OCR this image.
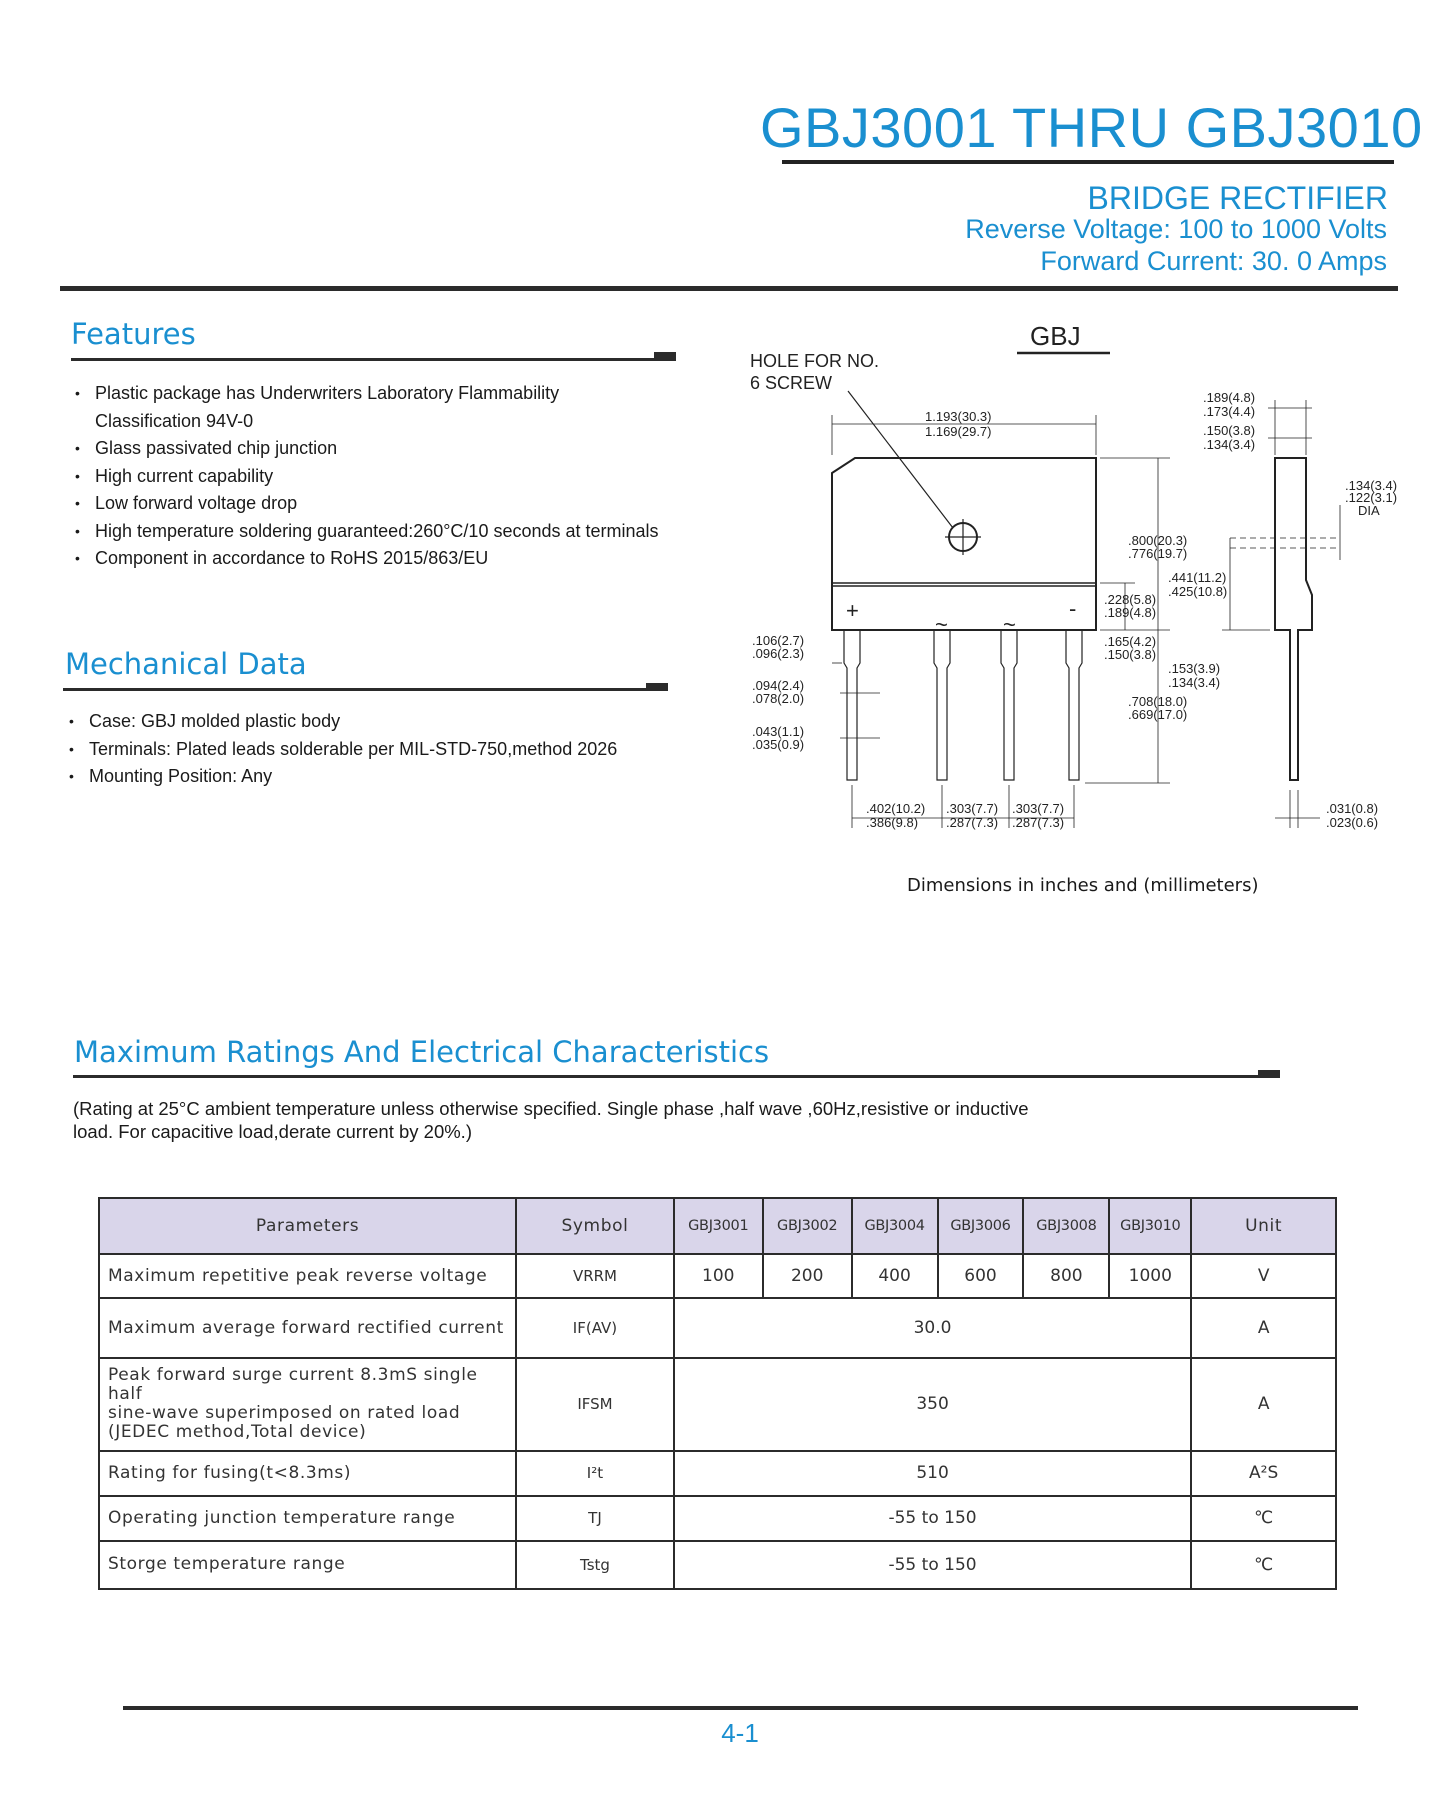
GBJ3001 THRU GBJ3010
BRIDGE RECTIFIER
Reverse Voltage: 100 to 1000 Volts
Forward Current: 30. 0 Amps
Features
• Plastic package has Underwriters Laboratory Flammability
Classification 94V-0
• Glass passivated chip junction
• High current capability
• Low forward voltage drop
• High temperature soldering guaranteed:260°C/10 seconds at terminals
• Component in accordance to RoHS 2015/863/EU
Mechanical Data
• Case: GBJ molded plastic body
• Terminals: Plated leads solderable per MIL-STD-750,method 2026
• Mounting Position: Any
GBJ
HOLE FOR NO.
6 SCREW
1.193(30.3)
1.169(29.7)
.800(20.3)
.776(19.7)
.228(5.8)
.189(4.8)
.165(4.2)
.150(3.8)
.708(18.0)
.669(17.0)
.106(2.7)
.096(2.3)
.094(2.4)
.078(2.0)
.043(1.1)
.035(0.9)
.402(10.2)
.386(9.8)
.303(7.7)
.287(7.3)
.303(7.7)
.287(7.3)
.189(4.8)
.173(4.4)
.150(3.8)
.134(3.4)
.134(3.4)
.122(3.1)
DIA
.441(11.2)
.425(10.8)
.153(3.9)
.134(3.4)
.031(0.8)
.023(0.6)
+
~	~
-
Dimensions in inches and (millimeters)
Maximum Ratings And Electrical Characteristics
(Rating at 25°C ambient temperature unless otherwise specified. Single phase ,half wave ,60Hz,resistive or inductive
load. For capacitive load,derate current by 20%.)
Parameters	Symbol	GBJ3001	GBJ3002	GBJ3004	GBJ3006	GBJ3008	GBJ3010	Unit
Maximum repetitive peak reverse voltage	VRRM	100	200	400	600	800	1000	V
Maximum average forward rectified current	IF(AV)	30.0						A

Peak forward surge current 8.3mS single half
sine-wave superimposed on rated load
(JEDEC method,Total device)	IFSM	350						A
Rating for fusing(t<8.3ms)	I²t	510						A²S
Operating junction temperature range	TJ	-55 to 150						℃
Storge temperature range	Tstg	-55 to 150						℃
4-1
